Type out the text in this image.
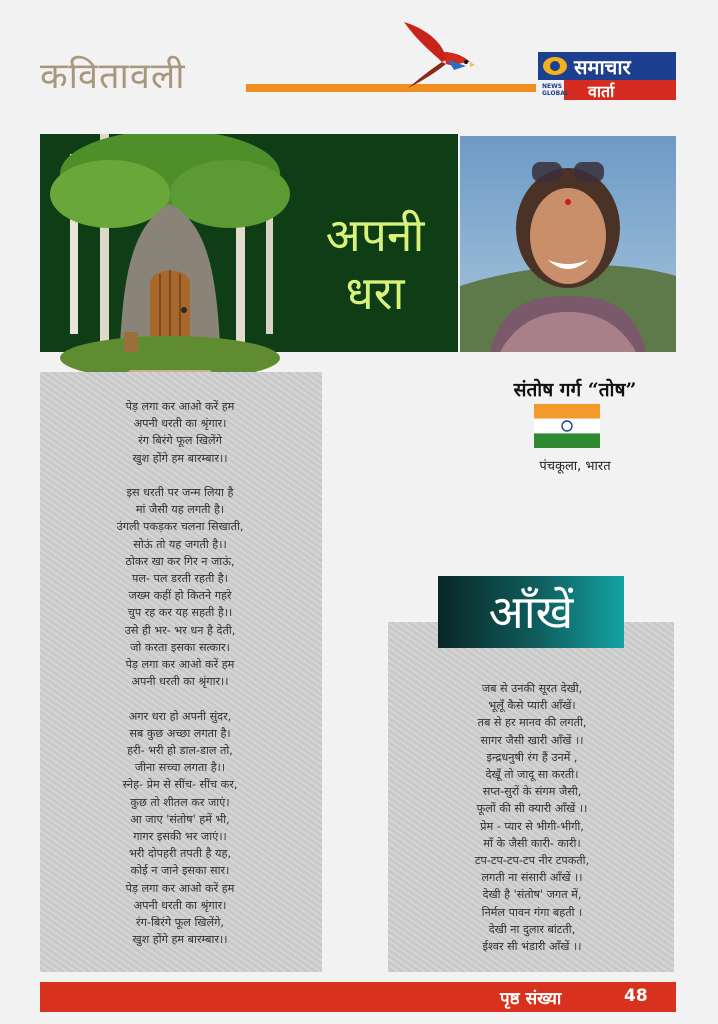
कवितावली	समाचार
वार्ता
NEWS
GLOBAL
अपनी धरा
संतोष गर्ग “तोष”
पंचकूला, भारत
पेड़ लगा कर आओ करें हम
अपनी धरती का श्रृंगार।
रंग बिरंगे फूल खिलेंगे
खुश होंगे हम बारम्बार।।
इस धरती पर जन्म लिया है
मां जैसी यह लगती है।
उंगली पकड़कर चलना सिखाती,
सोऊं तो यह जगती है।।
ठोकर खा कर गिर न जाऊं,
पल- पल डरती रहती है।
जख्म कहीं हो कितने गहरे
चुप रह कर यह सहती है।।
उसे ही भर- भर धन है देती,
जो करता इसका सत्कार।
पेड़ लगा कर आओ करें हम
अपनी धरती का श्रृंगार।।
अगर धरा हो अपनी सुंदर,
सब कुछ अच्छा लगता है।
हरी- भरी हो डाल-डाल तो,
जीना सच्चा लगता है।।
स्नेह- प्रेम से सींच- सींच कर,
कुछ तो शीतल कर जाएं।
आ जाए 'संतोष' हमें भी,
गागर इसकी भर जाएं।।
भरी दोपहरी तपती है यह,
कोई न जाने इसका सार।
पेड़ लगा कर आओ करें हम
अपनी धरती का श्रृंगार।
रंग-बिरंगे फूल खिलेंगे,
खुश होंगे हम बारम्बार।।
आँखें
जब से उनकी सूरत देखी,
भूलूँ कैसे प्यारी आँखें।
तब से हर मानव की लगती,
सागर जैसी खारी आँखें ।।
इन्द्रधनुषी रंग हैं उनमें ,
देखूँ तो जादू सा करती।
सप्त-सुरों के संगम जैसी,
फूलों की सी क्यारी आँखें ।।
प्रेम - प्यार से भीगी-भीगी,
माँ के जैसी कारी- कारी।
टप-टप-टप-टप नीर टपकती,
लगती ना संसारी आँखें ।।
देखी है 'संतोष' जगत में,
निर्मल पावन गंगा बहती ।
देखी ना दुलार बांटती,
ईश्वर सी भंडारी आँखें ।।
पृष्ठ संख्या	48
